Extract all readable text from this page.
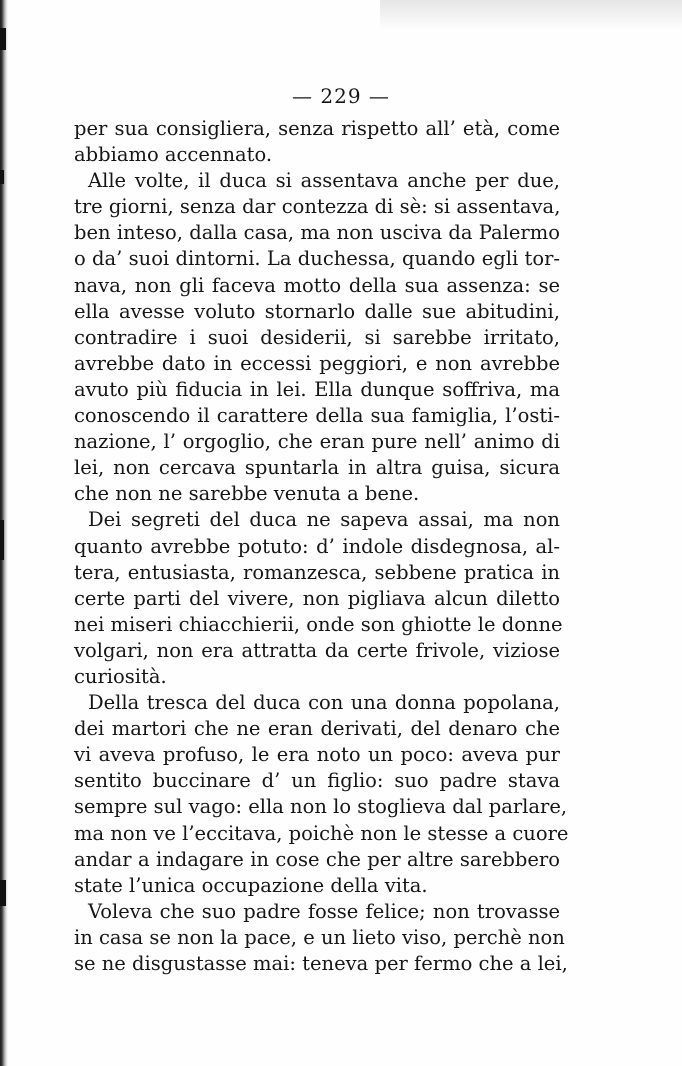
— 229 —
per sua consigliera, senza rispetto all’ età, come
abbiamo accennato.
Alle volte, il duca si assentava anche per due,
tre giorni, senza dar contezza di sè: si assentava,
ben inteso, dalla casa, ma non usciva da Palermo
o da’ suoi dintorni. La duchessa, quando egli tor-
nava, non gli faceva motto della sua assenza: se
ella avesse voluto stornarlo dalle sue abitudini,
contradire i suoi desiderii, si sarebbe irritato,
avrebbe dato in eccessi peggiori, e non avrebbe
avuto più fiducia in lei. Ella dunque soffriva, ma
conoscendo il carattere della sua famiglia, l’osti-
nazione, l’ orgoglio, che eran pure nell’ animo di
lei, non cercava spuntarla in altra guisa, sicura
che non ne sarebbe venuta a bene.
Dei segreti del duca ne sapeva assai, ma non
quanto avrebbe potuto: d’ indole disdegnosa, al-
tera, entusiasta, romanzesca, sebbene pratica in
certe parti del vivere, non pigliava alcun diletto
nei miseri chiacchierii, onde son ghiotte le donne
volgari, non era attratta da certe frivole, viziose
curiosità.
Della tresca del duca con una donna popolana,
dei martori che ne eran derivati, del denaro che
vi aveva profuso, le era noto un poco: aveva pur
sentito buccinare d’ un figlio: suo padre stava
sempre sul vago: ella non lo stoglieva dal parlare,
ma non ve l’eccitava, poichè non le stesse a cuore
andar a indagare in cose che per altre sarebbero
state l’unica occupazione della vita.
Voleva che suo padre fosse felice; non trovasse
in casa se non la pace, e un lieto viso, perchè non
se ne disgustasse mai: teneva per fermo che a lei,
